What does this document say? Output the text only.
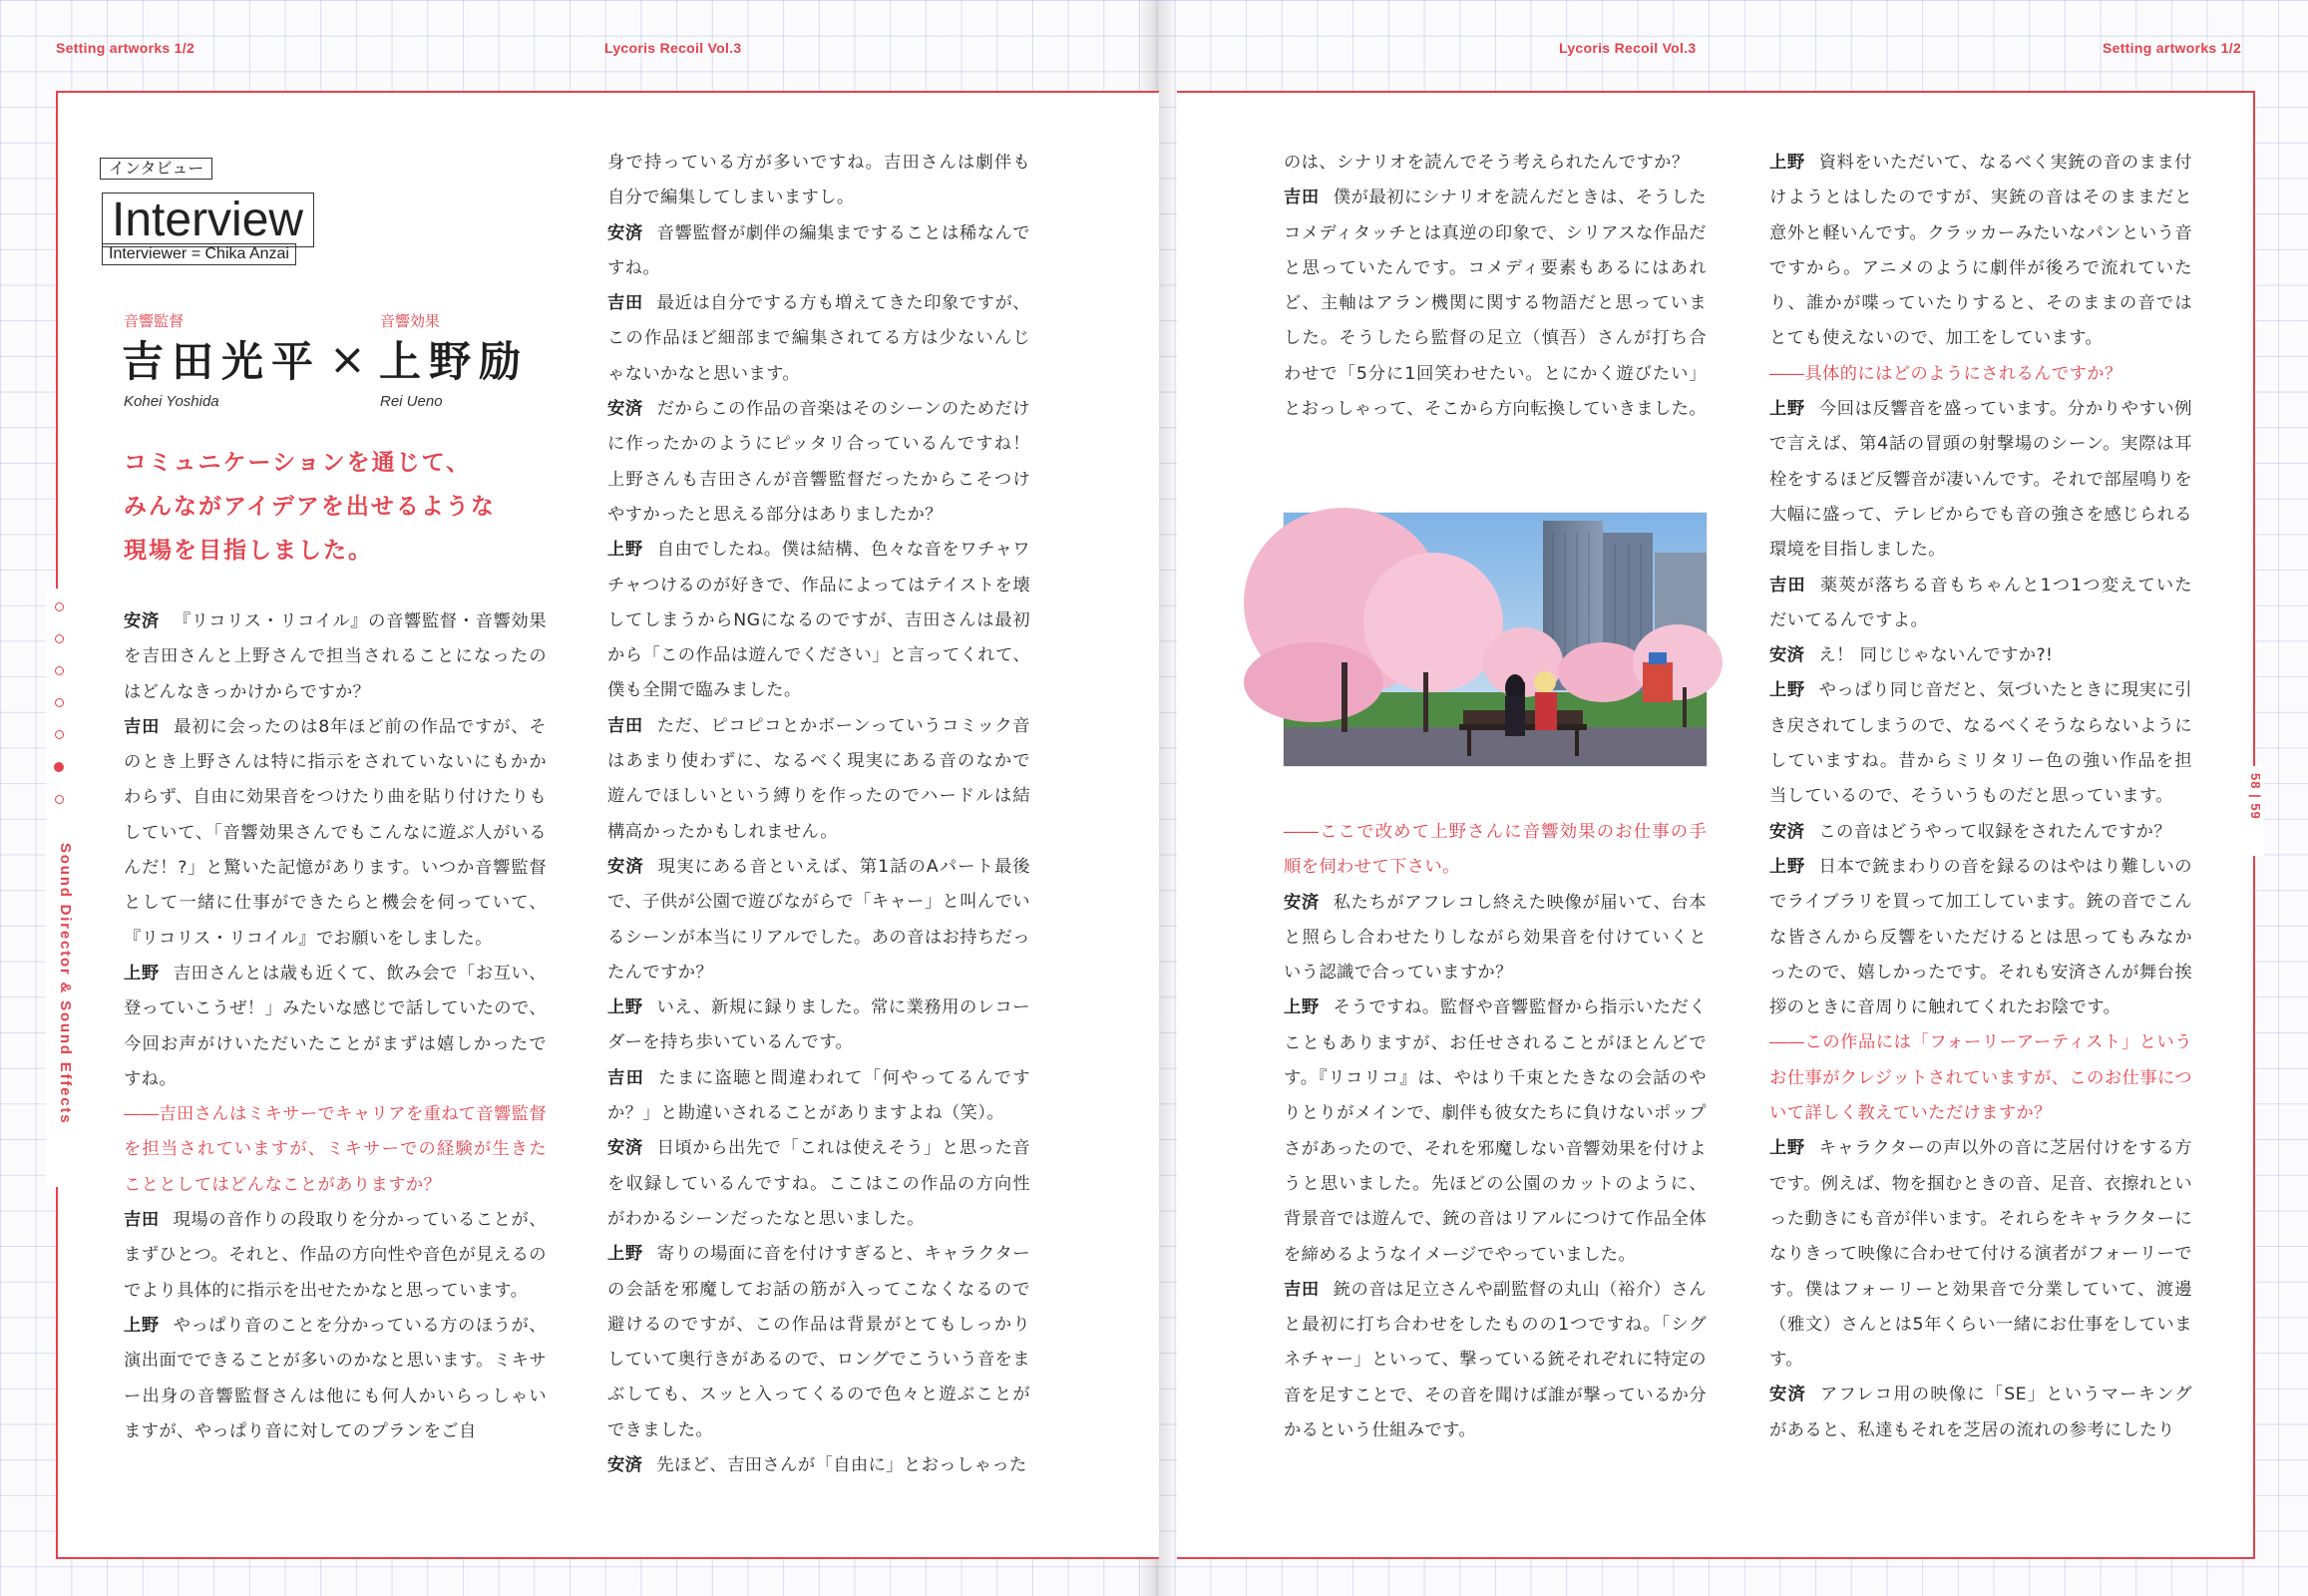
Setting artworks 1/2	Lycoris Recoil Vol.3	Lycoris Recoil Vol.3	Setting artworks 1/2
Sound Director & Sound Effects
58 | 59
インタビュー
Interview
Interviewer = Chika Anzai
音響監督	音響効果
吉田光平 × 上野励
Kohei Yoshida	Rei Ueno
コミュニケーションを通じて、
みんながアイデアを出せるような
現場を目指しました。

安済 『リコリス・リコイル』の音響監督・音響効果を吉田さんと上野さんで担当されることになったのはどんなきっかけからですか？

吉田 最初に会ったのは8年ほど前の作品ですが、そのとき上野さんは特に指示をされていないにもかかわらず、自由に効果音をつけたり曲を貼り付けたりもしていて、「音響効果さんでもこんなに遊ぶ人がいるんだ！?」と驚いた記憶があります。いつか音響監督として一緒に仕事ができたらと機会を伺っていて、『リコリス・リコイル』でお願いをしました。

上野 吉田さんとは歳も近くて、飲み会で「お互い、登っていこうぜ！」みたいな感じで話していたので、今回お声がけいただいたことがまずは嬉しかったですね。

――吉田さんはミキサーでキャリアを重ねて音響監督を担当されていますが、ミキサーでの経験が生きたこととしてはどんなことがありますか？

吉田 現場の音作りの段取りを分かっていることが、まずひとつ。それと、作品の方向性や音色が見えるのでより具体的に指示を出せたかなと思っています。

上野 やっぱり音のことを分かっている方のほうが、演出面でできることが多いのかなと思います。ミキサー出身の音響監督さんは他にも何人かいらっしゃいますが、やっぱり音に対してのプランをご自

身で持っている方が多いですね。吉田さんは劇伴も自分で編集してしまいますし。

安済 音響監督が劇伴の編集まですることは稀なんですね。

吉田 最近は自分でする方も増えてきた印象ですが、この作品ほど細部まで編集されてる方は少ないんじゃないかなと思います。

安済 だからこの作品の音楽はそのシーンのためだけに作ったかのようにピッタリ合っているんですね！　上野さんも吉田さんが音響監督だったからこそつけやすかったと思える部分はありましたか？

上野 自由でしたね。僕は結構、色々な音をワチャワチャつけるのが好きで、作品によってはテイストを壊してしまうからNGになるのですが、吉田さんは最初から「この作品は遊んでください」と言ってくれて、僕も全開で臨みました。

吉田 ただ、ピコピコとかボーンっていうコミック音はあまり使わずに、なるべく現実にある音のなかで遊んでほしいという縛りを作ったのでハードルは結構高かったかもしれません。

安済 現実にある音といえば、第1話のAパート最後で、子供が公園で遊びながらで「キャー」と叫んでいるシーンが本当にリアルでした。あの音はお持ちだったんですか？

上野 いえ、新規に録りました。常に業務用のレコーダーを持ち歩いているんです。

吉田 たまに盗聴と間違われて「何やってるんですか？」と勘違いされることがありますよね（笑）。

安済 日頃から出先で「これは使えそう」と思った音を収録しているんですね。ここはこの作品の方向性がわかるシーンだったなと思いました。

上野 寄りの場面に音を付けすぎると、キャラクターの会話を邪魔してお話の筋が入ってこなくなるので避けるのですが、この作品は背景がとてもしっかりしていて奥行きがあるので、ロングでこういう音をまぶしても、スッと入ってくるので色々と遊ぶことができました。

安済 先ほど、吉田さんが「自由に」とおっしゃった

のは、シナリオを読んでそう考えられたんですか？

吉田 僕が最初にシナリオを読んだときは、そうしたコメディタッチとは真逆の印象で、シリアスな作品だと思っていたんです。コメディ要素もあるにはあれど、主軸はアラン機関に関する物語だと思っていました。そうしたら監督の足立（慎吾）さんが打ち合わせで「5分に1回笑わせたい。とにかく遊びたい」とおっしゃって、そこから方向転換していきました。

――ここで改めて上野さんに音響効果のお仕事の手順を伺わせて下さい。

安済 私たちがアフレコし終えた映像が届いて、台本と照らし合わせたりしながら効果音を付けていくという認識で合っていますか？

上野 そうですね。監督や音響監督から指示いただくこともありますが、お任せされることがほとんどです。『リコリコ』は、やはり千束とたきなの会話のやりとりがメインで、劇伴も彼女たちに負けないポップさがあったので、それを邪魔しない音響効果を付けようと思いました。先ほどの公園のカットのように、背景音では遊んで、銃の音はリアルにつけて作品全体を締めるようなイメージでやっていました。

吉田 銃の音は足立さんや副監督の丸山（裕介）さんと最初に打ち合わせをしたものの1つですね。「シグネチャー」といって、撃っている銃それぞれに特定の音を足すことで、その音を聞けば誰が撃っているか分かるという仕組みです。

上野 資料をいただいて、なるべく実銃の音のまま付けようとはしたのですが、実銃の音はそのままだと意外と軽いんです。クラッカーみたいなパンという音ですから。アニメのように劇伴が後ろで流れていたり、誰かが喋っていたりすると、そのままの音ではとても使えないので、加工をしています。

――具体的にはどのようにされるんですか？

上野 今回は反響音を盛っています。分かりやすい例で言えば、第4話の冒頭の射撃場のシーン。実際は耳栓をするほど反響音が凄いんです。それで部屋鳴りを大幅に盛って、テレビからでも音の強さを感じられる環境を目指しました。

吉田 薬莢が落ちる音もちゃんと1つ1つ変えていただいてるんですよ。

安済 え！ 同じじゃないんですか?!

上野 やっぱり同じ音だと、気づいたときに現実に引き戻されてしまうので、なるべくそうならないようにしていますね。昔からミリタリー色の強い作品を担当しているので、そういうものだと思っています。

安済 この音はどうやって収録をされたんですか？

上野 日本で銃まわりの音を録るのはやはり難しいのでライブラリを買って加工しています。銃の音でこんな皆さんから反響をいただけるとは思ってもみなかったので、嬉しかったです。それも安済さんが舞台挨拶のときに音周りに触れてくれたお陰です。

――この作品には「フォーリーアーティスト」というお仕事がクレジットされていますが、このお仕事について詳しく教えていただけますか？

上野 キャラクターの声以外の音に芝居付けをする方です。例えば、物を掴むときの音、足音、衣擦れといった動きにも音が伴います。それらをキャラクターになりきって映像に合わせて付ける演者がフォーリーです。僕はフォーリーと効果音で分業していて、渡邊（雅文）さんとは5年くらい一緒にお仕事をしています。

安済 アフレコ用の映像に「SE」というマーキングがあると、私達もそれを芝居の流れの参考にしたり
